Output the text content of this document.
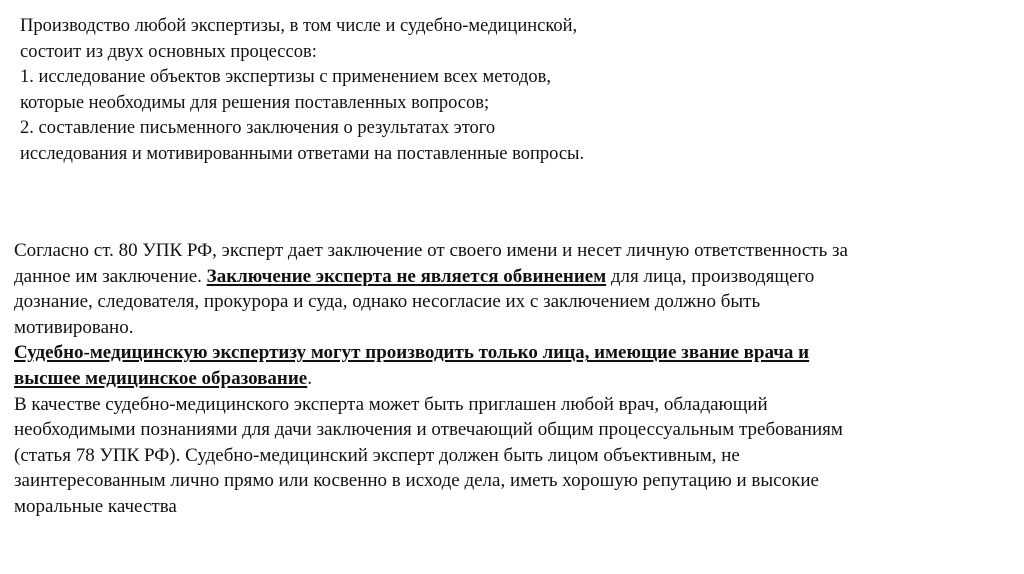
Производство любой экспертизы, в том числе и судебно-медицинской,
состоит из двух основных процессов:
1. исследование объектов экспертизы с применением всех методов,
которые необходимы для решения поставленных вопросов;
2. составление письменного заключения о результатах этого
исследования и мотивированными ответами на поставленные вопросы.
Согласно ст. 80 УПК РФ, эксперт дает заключение от своего имени и несет личную ответственность за
данное им заключение. Заключение эксперта не является обвинением для лица, производящего
дознание, следователя, прокурора и суда, однако несогласие их с заключением должно быть
мотивировано.
Судебно-медицинскую экспертизу могут производить только лица, имеющие звание врача и
высшее медицинское образование.
В качестве судебно-медицинского эксперта может быть приглашен любой врач, обладающий
необходимыми познаниями для дачи заключения и отвечающий общим процессуальным требованиям
(статья 78 УПК РФ). Судебно-медицинский эксперт должен быть лицом объективным, не
заинтересованным лично прямо или косвенно в исходе дела, иметь хорошую репутацию и высокие
моральные качества
